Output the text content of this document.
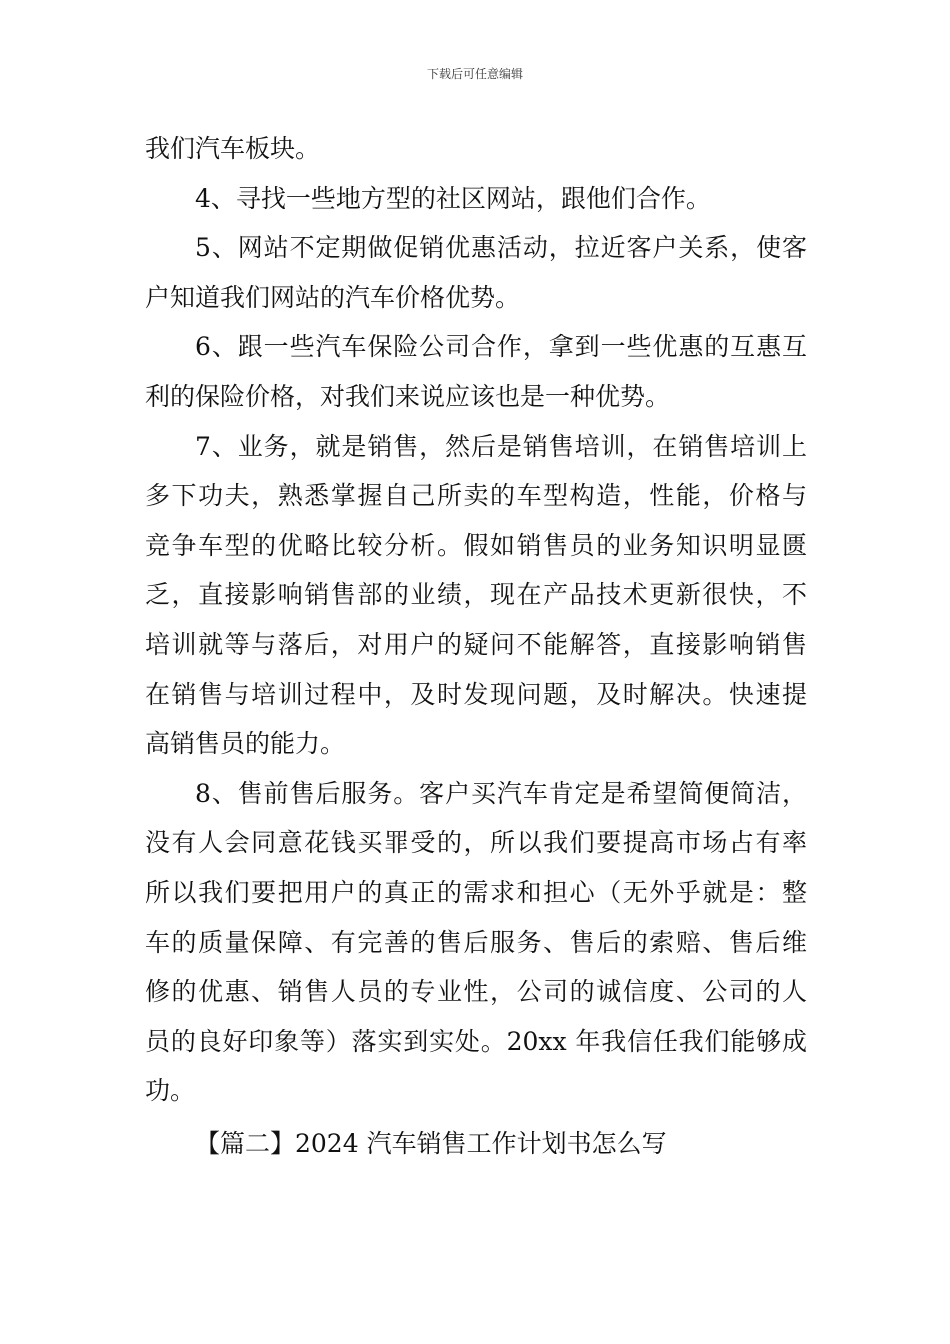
下载后可任意编辑
我们汽车板块。
4、寻找一些地方型的社区网站，跟他们合作。
5、网站不定期做促销优惠活动，拉近客户关系，使客
户知道我们网站的汽车价格优势。
6、跟一些汽车保险公司合作，拿到一些优惠的互惠互
利的保险价格，对我们来说应该也是一种优势。
7、业务，就是销售，然后是销售培训，在销售培训上
多下功夫，熟悉掌握自己所卖的车型构造，性能，价格与
竞争车型的优略比较分析。假如销售员的业务知识明显匮
乏，直接影响销售部的业绩，现在产品技术更新很快，不
培训就等与落后，对用户的疑问不能解答，直接影响销售
在销售与培训过程中，及时发现问题，及时解决。快速提
高销售员的能力。
8、售前售后服务。客户买汽车肯定是希望简便简洁，
没有人会同意花钱买罪受的，所以我们要提高市场占有率
所以我们要把用户的真正的需求和担心（无外乎就是：整
车的质量保障、有完善的售后服务、售后的索赔、售后维
修的优惠、销售人员的专业性，公司的诚信度、公司的人
员的良好印象等）落实到实处。20xx 年我信任我们能够成
功。
【篇二】2024 汽车销售工作计划书怎么写
